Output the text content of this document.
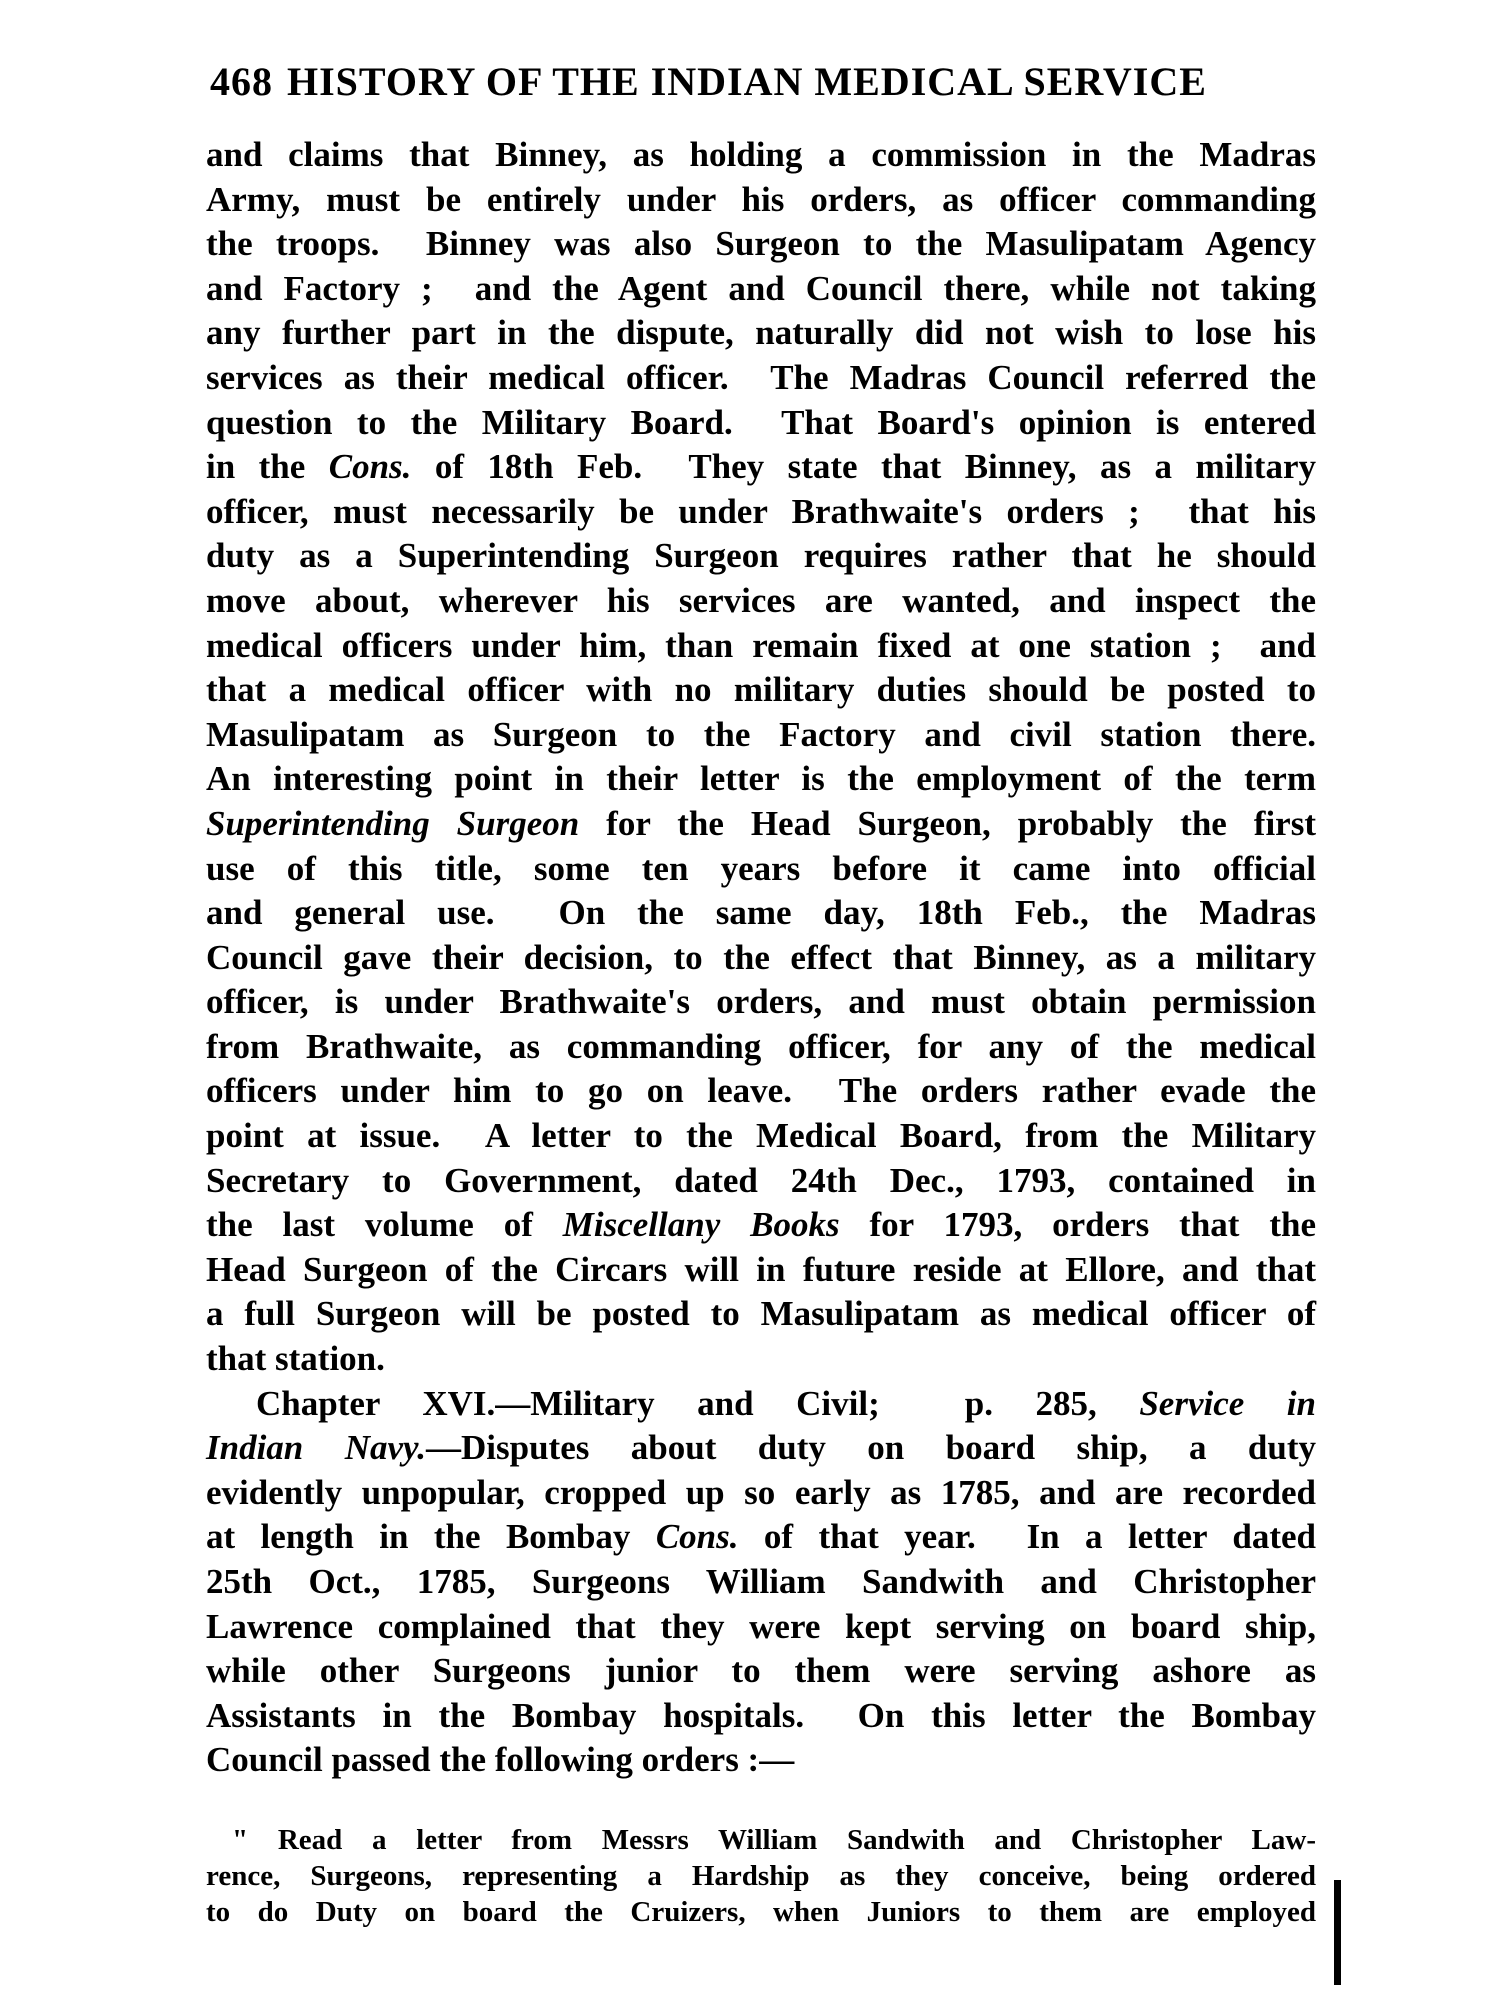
468 HISTORY OF THE INDIAN MEDICAL SERVICE
and claims that Binney, as holding a commission in the Madras
Army, must be entirely under his orders, as officer commanding
the troops.  Binney was also Surgeon to the Masulipatam Agency
and Factory ;  and the Agent and Council there, while not taking
any further part in the dispute, naturally did not wish to lose his
services as their medical officer.  The Madras Council referred the
question to the Military Board.  That Board's opinion is entered
in the Cons. of 18th Feb.  They state that Binney, as a military
officer, must necessarily be under Brathwaite's orders ;  that his
duty as a Superintending Surgeon requires rather that he should
move about, wherever his services are wanted, and inspect the
medical officers under him, than remain fixed at one station ;  and
that a medical officer with no military duties should be posted to
Masulipatam as Surgeon to the Factory and civil station there.
An interesting point in their letter is the employment of the term
Superintending Surgeon for the Head Surgeon, probably the first
use of this title, some ten years before it came into official
and general use.  On the same day, 18th Feb., the Madras
Council gave their decision, to the effect that Binney, as a military
officer, is under Brathwaite's orders, and must obtain permission
from Brathwaite, as commanding officer, for any of the medical
officers under him to go on leave.  The orders rather evade the
point at issue.  A letter to the Medical Board, from the Military
Secretary to Government, dated 24th Dec., 1793, contained in
the last volume of Miscellany Books for 1793, orders that the
Head Surgeon of the Circars will in future reside at Ellore, and that
a full Surgeon will be posted to Masulipatam as medical officer of
that station.
Chapter XVI.—Military and Civil;  p. 285, Service in
Indian Navy.—Disputes about duty on board ship, a duty
evidently unpopular, cropped up so early as 1785, and are recorded
at length in the Bombay Cons. of that year.  In a letter dated
25th Oct., 1785, Surgeons William Sandwith and Christopher
Lawrence complained that they were kept serving on board ship,
while other Surgeons junior to them were serving ashore as
Assistants in the Bombay hospitals.  On this letter the Bombay
Council passed the following orders :—
" Read a letter from Messrs William Sandwith and Christopher Law-
rence, Surgeons, representing a Hardship as they conceive, being ordered
to do Duty on board the Cruizers, when Juniors to them are employed
